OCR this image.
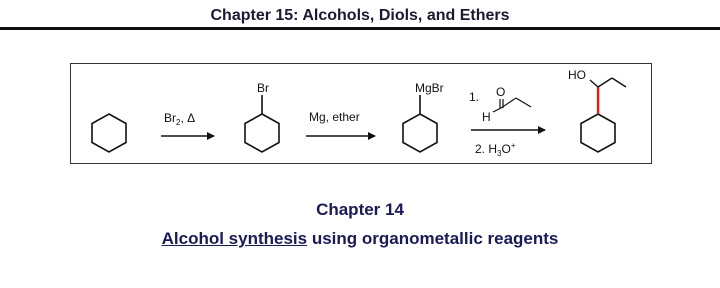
Chapter 15: Alcohols, Diols, and Ethers
$Br_2$, Δ
Br
Mg, ether
MgBr
1. O
H
2. $H_3O^+$
HO
Chapter 14
Alcohol synthesis using organometallic reagents
